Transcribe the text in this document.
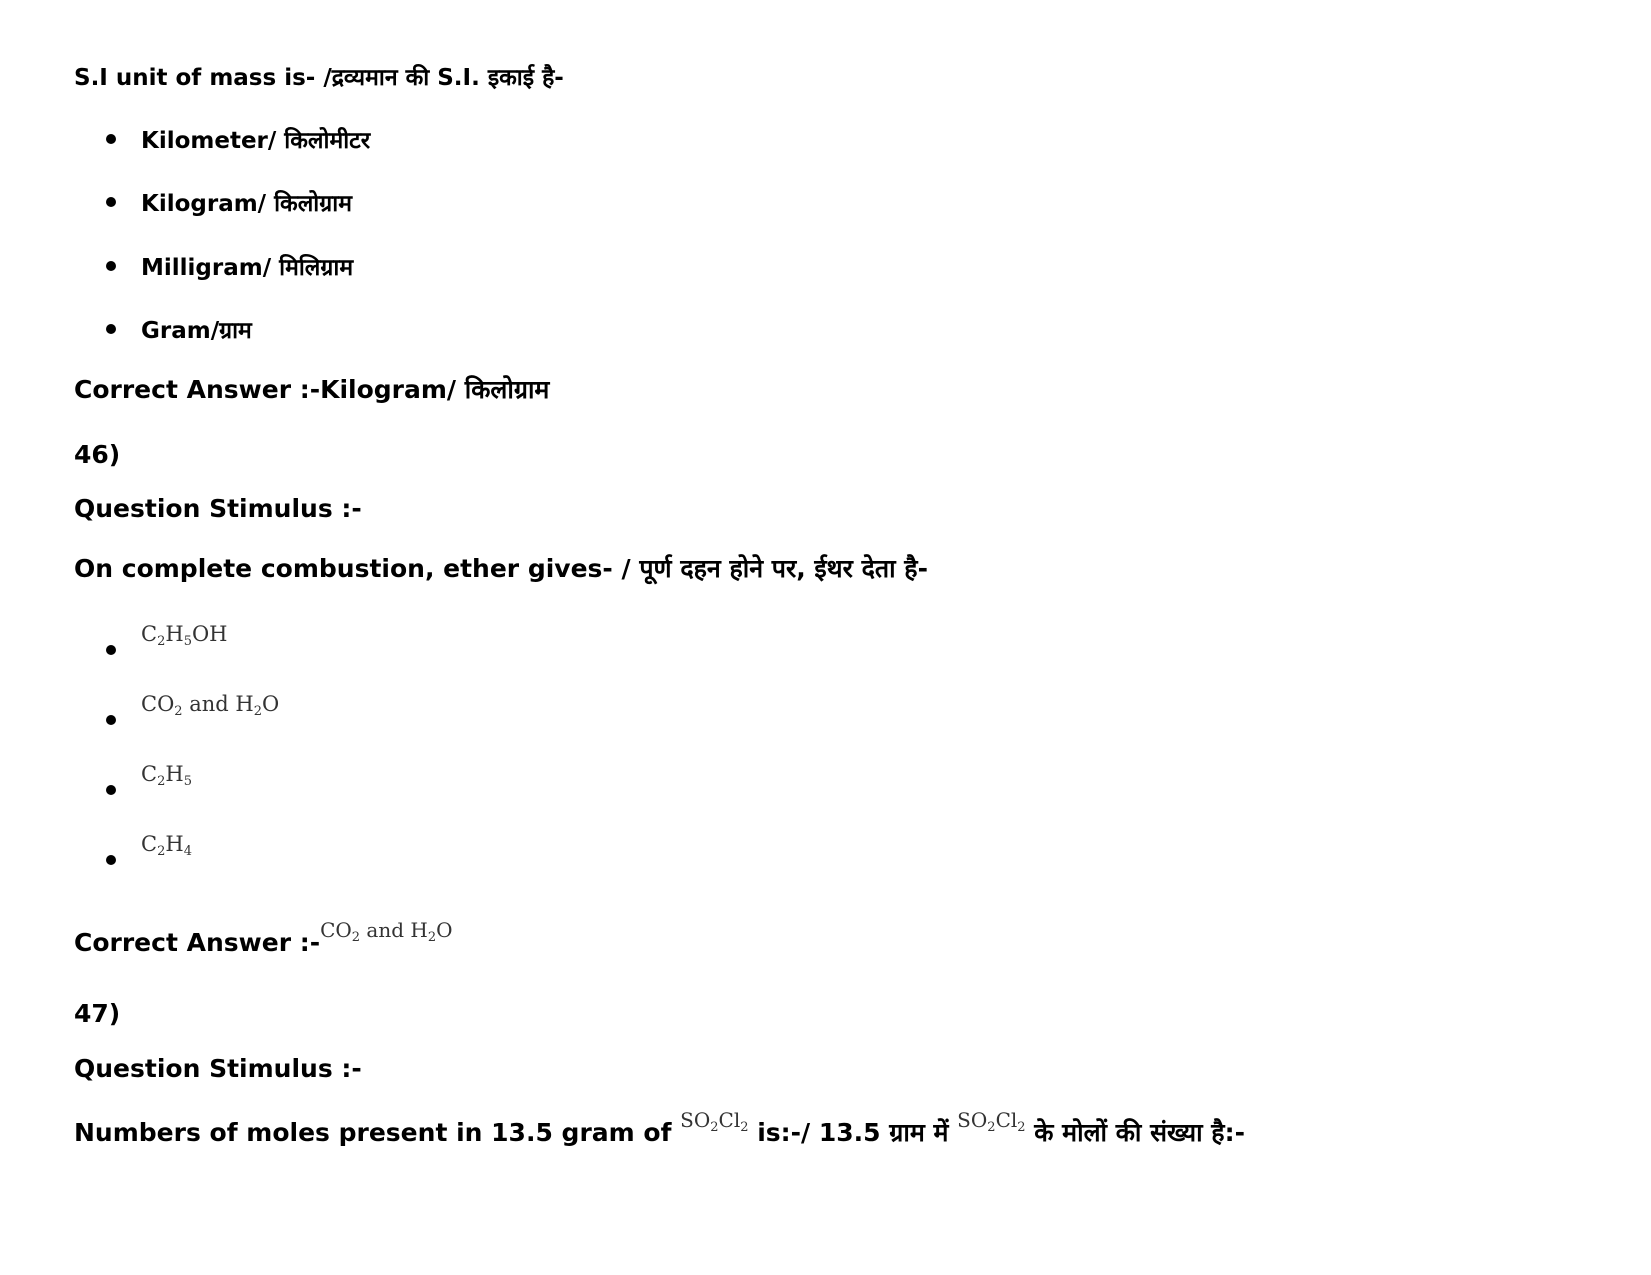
S.I unit of mass is- /द्रव्यमान की S.I. इकाई है-
Kilometer/ किलोमीटर
Kilogram/ किलोग्राम
Milligram/ मिलिग्राम
Gram/ग्राम
Correct Answer :-Kilogram/ किलोग्राम
46)
Question Stimulus :-
On complete combustion, ether gives- / पूर्ण दहन होने पर, ईथर देता है-
$C_2H_5OH$
$CO_2$ and $H_2O$
$C_2H_5$
$C_2H_4$
Correct Answer :-$^{CO_2 and H_2O}$
47)
Question Stimulus :-
Numbers of moles present in 13.5 gram of $^{SO_2Cl_2}$ is:-/ 13.5 ग्राम में $^{SO_2Cl_2}$ के मोलों की संख्या है:-
